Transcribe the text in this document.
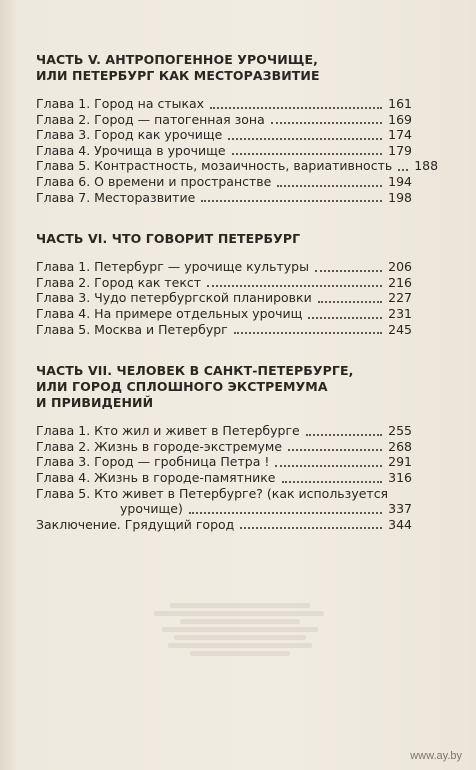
ЧАСТЬ V. АНТРОПОГЕННОЕ УРОЧИЩЕ,
ИЛИ ПЕТЕРБУРГ КАК МЕСТОРАЗВИТИЕ
Глава 1. Город на стыках	161
Глава 2. Город — патогенная зона	169
Глава 3. Город как урочище	174
Глава 4. Урочища в урочище	179
Глава 5. Контрастность, мозаичность, вариативность 188
Глава 6. О времени и пространстве	194
Глава 7. Месторазвитие	198
ЧАСТЬ VI. ЧТО ГОВОРИТ ПЕТЕРБУРГ
Глава 1. Петербург — урочище культуры	206
Глава 2. Город как текст	216
Глава 3. Чудо петербургской планировки	227
Глава 4. На примере отдельных урочищ	231
Глава 5. Москва и Петербург	245
ЧАСТЬ VII. ЧЕЛОВЕК В САНКТ-ПЕТЕРБУРГЕ,
ИЛИ ГОРОД СПЛОШНОГО ЭКСТРЕМУМА
И ПРИВИДЕНИЙ
Глава 1. Кто жил и живет в Петербурге	255
Глава 2. Жизнь в городе-экстремуме	268
Глава 3. Город — гробница Петра !	291
Глава 4. Жизнь в городе-памятнике	316
Глава 5. Кто живет в Петербурге? (как используется
урочище)	337
Заключение. Грядущий город	344
www.ay.by
